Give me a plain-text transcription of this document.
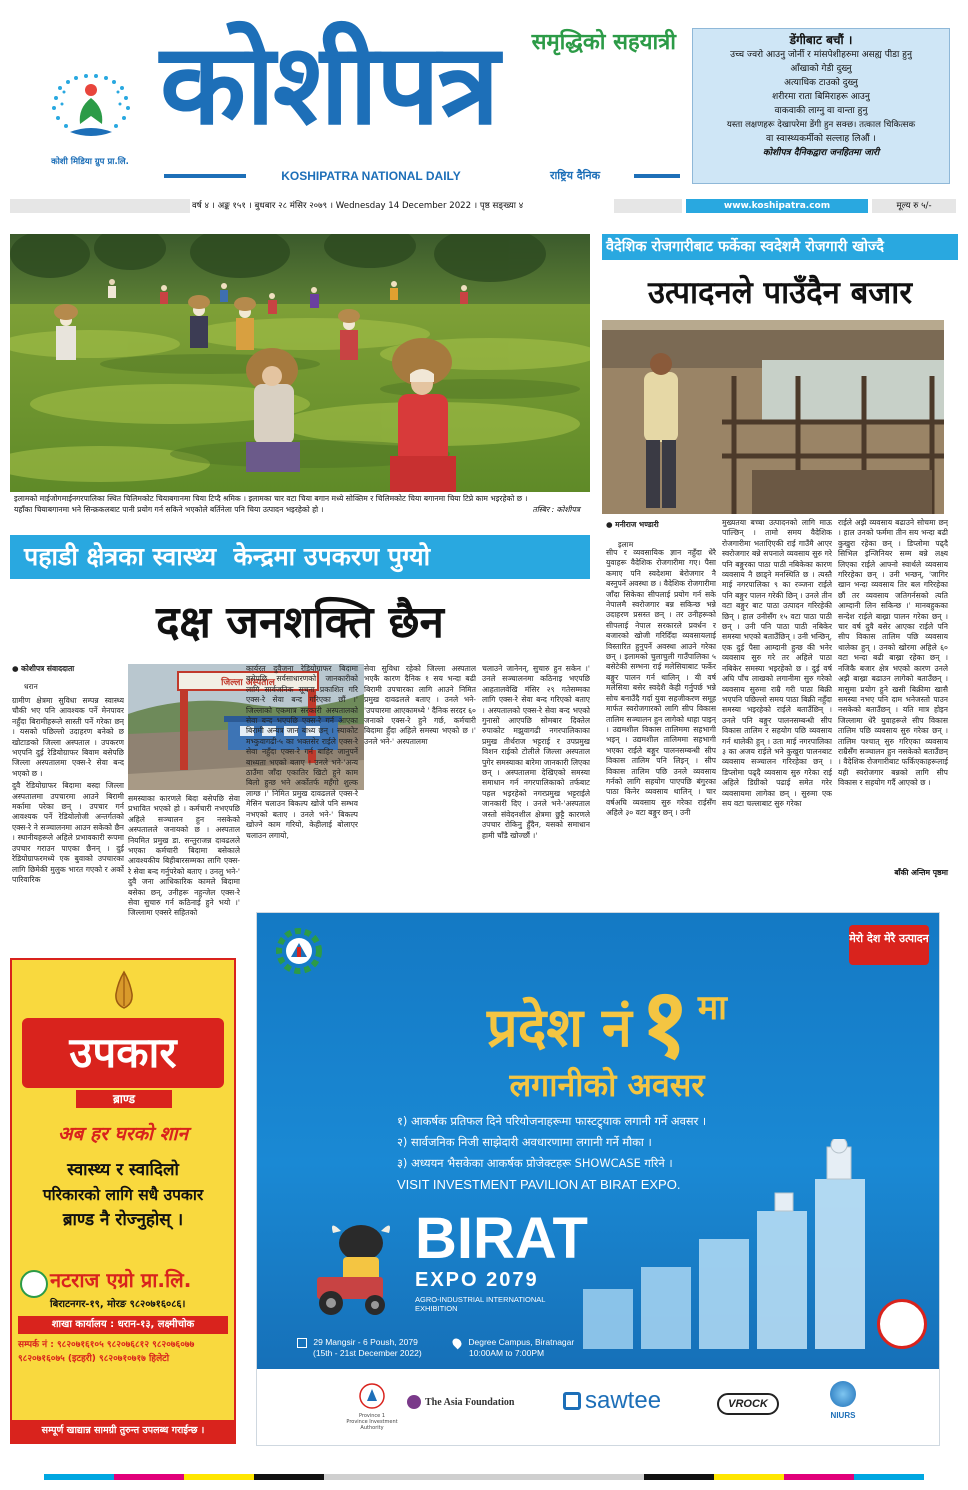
कोशी मिडिया ग्रुप प्रा.लि.
कोशीपत्र	समृद्धिको सहयात्री
KOSHIPATRA NATIONAL DAILY	राष्ट्रिय दैनिक
डेंगीबाट बचौं ।
उच्च ज्वरो आउनु जोर्नी र मांसपेशीहरुमा असह्य पीडा हुनु
आँखाको गेडी दुख्नु
अत्याधिक टाउको दुख्नु
शरीरमा राता बिमिराहरू आउनु
वाकवाकी लाग्नु वा वान्ता हुनु
यस्ता लक्षणहरू देखापरेमा डेंगी हुन सक्छ। तत्काल चिकित्सक
वा स्वास्थ्यकर्मीको सल्लाह लिऔं ।
कोशीपत्र दैनिकद्वारा जनहितमा जारी
वर्ष ४ । अङ्क १५१ । बुधबार २८ मंसिर २०७९ । Wednesday 14 December 2022 । पृष्ठ सङ्ख्या ४	www.koshipatra.com	मूल्य रु ५/-
इलामको माईजोगमाईनगरपालिका स्थित चिलिमकोट चियाबगानमा चिया टिप्दै श्रमिक । इलामका चार वटा चिया बगान मध्ये सोक्तिम र चिलिमकोट चिया बगानमा चिया टिप्ने काम भइरहेको छ ।
यहाँका चियाबगानमा भने सिन्क्रकलबाट पानी प्रयोग गर्न सकिने भएकोले बर्तिनेला पनि चिया उत्पादन भइरहेको हो ।	तस्बिर : कोशीपत्र
पहाडी क्षेत्रका स्वास्थ्य  केन्द्रमा उपकरण पुग्यो
दक्ष जनशक्ति छैन
● कोशीपत्र संवाददाता
धरान

ग्रामीण क्षेत्रमा सुविधा सम्पन्न स्वास्थ्य चौकी भए पनि आवश्यक पर्ने मेनपावर नहुँदा बिरामीहरूले सास्ती पर्ने गरेका छन् । यसको पछिल्लो उदाहरण बनेको छ खोटाङको जिल्ला अस्पताल । उपकरण भएपनि दुई रेडियोग्राफर बिवाम बसेपछि जिल्ला अस्पतालमा एक्स-रे सेवा बन्द भएको छ ।

दुवै रेडियोग्राफर बिदामा बस्दा जिल्ला अस्पतालमा उपचारमा आउने बिरामी मर्कामा परेका छन् । उपचार गर्न आवश्यक पर्ने रेडियोलोजी अन्तर्गतको एक्स-रे ने सञ्चालनमा आउन सकेको छैन । स्थानीयहरूले अहिले प्रभावकारी रूपमा उपचार गराउन पाएका छैनन् । दुई रेडियोग्राफरमध्ये एक बुवाको उपचारका लागि छिमेकी मुलुक भारत गएको र अर्को पारिवारिक

जिल्ला अस्पताल

समस्याका कारणले बिदा बसेपछि सेवा प्रभावित भएको हो । कर्मचारी नभएपछि अहिले सञ्चालन हुन नसकेको अस्पतालले जनायको छ । अस्पताल नियमित प्रमुख डा. सन्तुराजन्न दावढलले भएका कर्मचारी बिदामा बसेकाले आवश्यकीय बिहीबारसम्मका लागि एक्स-रे सेवा बन्द गर्नुपरेको बताए । उनलु भने-' दुवै जना आधिकारिक कामले बिदामा बसेका छन्, उनीहरू नहुन्जेल एक्स-रे सेवा सुचारु गर्न कठिनाई हुने भयो ।' जिल्लामा एक्सरे सहितको

कार्यरत दुवैजना रेडियोग्राफर बिदामा बसेपछि सर्वसाधारणको जानकारीको लागि सार्वजनिक सूचना प्रकाशित गरि एक्स-रे सेवा बन्द गरिएका छौं ।' जिल्लाको एकमात्र सरकारी अस्पतालको सेवा बन्द भएपछि एक्स-रे गर्न आएका बिरामी अन्यत्र जान बाध्य छन् । स्याकोट मभ्कुवागढी-५ का भक्तसेर राईले एक्स-रे सेवा नहुँदा एक्स-रे गर्न बाहिर जानुपर्ने बाध्यता भएको बताए । उनले भने-'अन्य ठाउँमा जाँदा एकातिर खिटो हुने काम बिलो हुन्छ भने अर्कोतर्फ महँगो शुल्क लाग्छ ।' निमित प्रमुख दावढलले एक्स-रे मेसिन चलाउन बिकल्प खोजे पनि सम्भव नभएको बताए । उनले भने-' बिकल्प खोज्ने काम गरियो, केहीलाई बोलाएर चलाउन लगायो,

सेवा सुविधा रहेको जिल्ला अस्पताल भएकै कारण दैनिक १ सय भन्दा बढी बिरामी उपचारका लागि आउने निमित प्रमुख दावढलले बताए । उनले भने-'उपचारमा आएकामध्ये ' दैनिक सरदर ६० जनाको एक्स-रे हुने गर्छ, कर्मचारी बिदामा हुँदा अहिले समस्या भएको छ ।' उनले भने-' अस्पतालमा

चलाउने जानेनन्, सुचारु हुन सकेन ।' उनले सञ्चालनमा कठिनाइ भएपछि आहतालवेखि मंसिर २९ गतेसम्मका लागि एक्स-रे सेवा बन्द गरिएको बताए । अस्पतालको एक्स-रे सेवा बन्द भएको गुनासो आएपछि सोमबार दिक्तेल रुपाकोट मझुवागढी नगरपालिकाका प्रमुख तीर्थराज भट्टराई र उपप्रमुख विशन राईको टोलीले जिल्ला अस्पताल पुगेर समस्याका बारेमा जानकारी लिएका छन् । अस्पतालमा देखिएको समस्या समाधान गर्न नगरपालिकाको तर्फबाट पहल भइरहेको नगरप्रमुख भट्टराईले जानकारी दिए । उनले भने-'अस्पताल जस्तो संवेदनशील क्षेत्रमा छुट्टै कारणले उपचार रोकिनु हुँदैन, यसको समाधान हामी चाँडै खोज्छौं ।'

वैदेशिक रोजगारीबाट फर्केका स्वदेशमै रोजगारी खोज्दै
उत्पादनले पाउँदैन बजार
● मनीराज भण्डारी
इलाम

सीप र व्यवसायिक ज्ञान नहुँदा धेरै युवाहरू वैदेशिक रोजगारीमा गए। पैसा कमाए पनि स्वदेशमा बेरोजगार नै बस्नुपर्ने अवस्था छ । वैदेशिक रोजगारीमा जाँदा सिकेका सीपलाई प्रयोग गर्न सके नेपालमै स्वरोजगार बन्न सकिन्छ भन्ने उदाहरण प्रसस्त छन् । तर उनीहरूको सीपलाई नेपाल सरकारले प्रवर्धन र बजारको खोजी गरिदिँदा व्यवसायलाई विस्तारित हुनुपर्ने अवस्था आउने गरेका छन् । इलामको चुलाचुली गाउँपालिका ५ बसेटेकी सम्भना राई मलेसियाबाट फर्केर बङ्गुर पालन गर्न थालिन् । यी वर्ष मलेसिया बसेर स्वदेशै केही गर्नुपर्छ भन्ने सोच बनाउँदै गर्दा युवा सहजीकरण समूह मार्फत स्वरोजगारको लागि सीप विकास तालिम सञ्चालन हुन लागेको थाहा पाइन् । उद्यमशील विकास तालिममा सहभागी भइन् । उद्यमशील तालिममा सहभागी भएका राईले बङ्गुर पालनसम्बन्धी सीप विकास तालिम पनि लिइन् । सीप विकास तालिम पछि उनले व्यवसाय गर्नको लागि सहयोग पाएपछि बंगुरका पाठा किनेर व्यवसाय थालिन् । चार वर्षअघि व्यवसाय सुरु गरेका राईसँग अहिले ३० वटा बङ्गुर छन् । उनी

मुख्यतया बच्चा उत्पादनको लागि माऊ पाल्छिन् । तामो समय वैदेशिक रोजगारीमा भताएिएकी राई गाउँमै आएर स्वरोजगार बन्ने सपनाले व्यवसाय सुरु गरे पनि बङ्गुरका पाठा पाठी नबिकेका कारण व्यवसाय नै छाड्ने मनस्थिति छ । त्यस्तै माई नगरपालिका ९ का रञ्जना राईले पनि बङ्गुर पालन गरेकी छिन् । उनले तीन वटा बङ्गुर बाट पाठा उत्पादन गरिरहेकी छिन् । हाल उनीसँग १५ वटा पाठा पाठी छन् । उनी पनि पाठा पाठी नबिकेर समस्या भएको बताउँछिन् । उनी भन्छिन्, एक दुई पैसा आम्दानी हुन्छ की भनेर व्यवसाय सुरु गरे तर अहिले पाठा नबिकेर समस्या भइरहेको छ । दुई वर्ष अघि पाँच लाखको लगानीमा सुरु गरेको व्यवसाय सुरुमा राम्रै गरी पाठा बिक्री भएपनि पछिल्लो समय पाठा बिक्री नहुँदा समस्या भइरहेको राईले बताउँछिन् । उनले पनि बङ्गुर पालनसम्बन्धी सीप विकास तालिम र सहयोग पछि व्यवसाय गर्न थालेकी हुन् । उता माई नगरपालिका ३ का अजय राईले भने कुखुरा पालनबाट व्यवसाय सञ्चालन गरिरहेका छन् । डिप्लोमा पढ्दै व्यवसाय सुरु गरेका राई अहिले डिग्रीको पढाई समेत गरेर व्यवसायमा लागेका छन् । सुरुमा एक सय वटा चल्लाबाट सुरु गरेका

राईले अझै व्यवसाय बढाउने सोचमा छन् । हाल उनको फर्ममा तीन सय भन्दा बढी कुखुरा रहेका छन् । डिप्लोमा पढ्दै सिभिल इन्जिनियर सम्म बन्ने लक्ष्य लिएका राईले आफ्नो स्वार्थले व्यवसाय गरिरहेका छन् । उनी भन्छन्, 'जागिर खान भन्दा व्यवसाय तिर बल गरिरहेका छौं तर व्यवसाय जतिगर्नसको त्यति आम्दानी लिन सकिन्छ ।' मानबहुकका सन्देश राईले बाख्रा पालन गरेका छन् । चार वर्ष दुवै बसेर आएका राईले पनि सीप विकास तालिम पछि व्यवसाय थालेका हुन् । उनको खोरमा अहिले ६० वटा भन्दा बढी बाख्रा रहेका छन् । नजिकै बजार क्षेत्र भएको कारण उनले अझै बाख्रा बढाउन लागेको बताउँछन् । मासुमा प्रयोग हुने खसी बिक्रीमा खासै समस्या नभए पनि दाम भनेजस्तो पाउन नसकेको बताउँछन् । यति मात्र होइन जिल्लामा धेरै युवाहरूले सीप विकास तालिम पछि व्यवसाय सुरु गरेका छन् । तालिम पश्चात् सुरु गरिएका व्यवसाय राम्रैसँग सञ्चालन हुन नसकेको बताउँछन् । वैदेशिक रोजगारीबाट फर्किएकाहरूलाई यही स्वरोजगार बन्नको लागि सीप विकास र सहयोग गर्दै आएको छ ।

बाँकी अन्तिम पृष्ठमा
उपकार
ब्राण्ड
अब हर घरको शान
स्वास्थ्य र स्वादिलो
परिकारको लागि सधै उपकार
ब्राण्ड नै रोज्नुहोस् ।
नटराज एग्रो प्रा.लि.
बिराटनगर-१९, मोरङ ९८२०७१६०८६।
शाखा कार्यालय : धरान-१३, लक्ष्मीचोक
सम्पर्क नं : ९८२०७१६१०५ ९८२०७६८१२ ९८२०७६०७७
९८२०७१६०७५ (इटहरी) ९८२०७१०७१७ हिलेटो
सम्पूर्ण खाद्यान्न सामग्री तुरुन्त उपलब्ध गराईन्छ ।
मेरो देश मेरै उत्पादन
प्रदेश नं १ मा
लगानीको अवसर
१) आकर्षक प्रतिफल दिने परियोजनाहरूमा फास्टट्र्याक लगानी गर्ने अवसर ।
२) सार्वजनिक निजी साझेदारी अवधारणामा लगानी गर्ने मौका ।
३) अध्ययन भैसकेका आकर्षक प्रोजेक्टहरू SHOWCASE गरिने ।
VISIT INVESTMENT PAVILION AT BIRAT EXPO.
BIRAT
EXPO 2079
AGRO-INDUSTRIAL INTERNATIONAL
EXHIBITION
29 Mangsir - 6 Poush, 2079
(15th - 21st December 2022)
Degree Campus, Biratnagar
10:00AM to 7:00PM
Province 1
Province Investment
Authority
The Asia Foundation	sawtee	VROCK
NIURS
